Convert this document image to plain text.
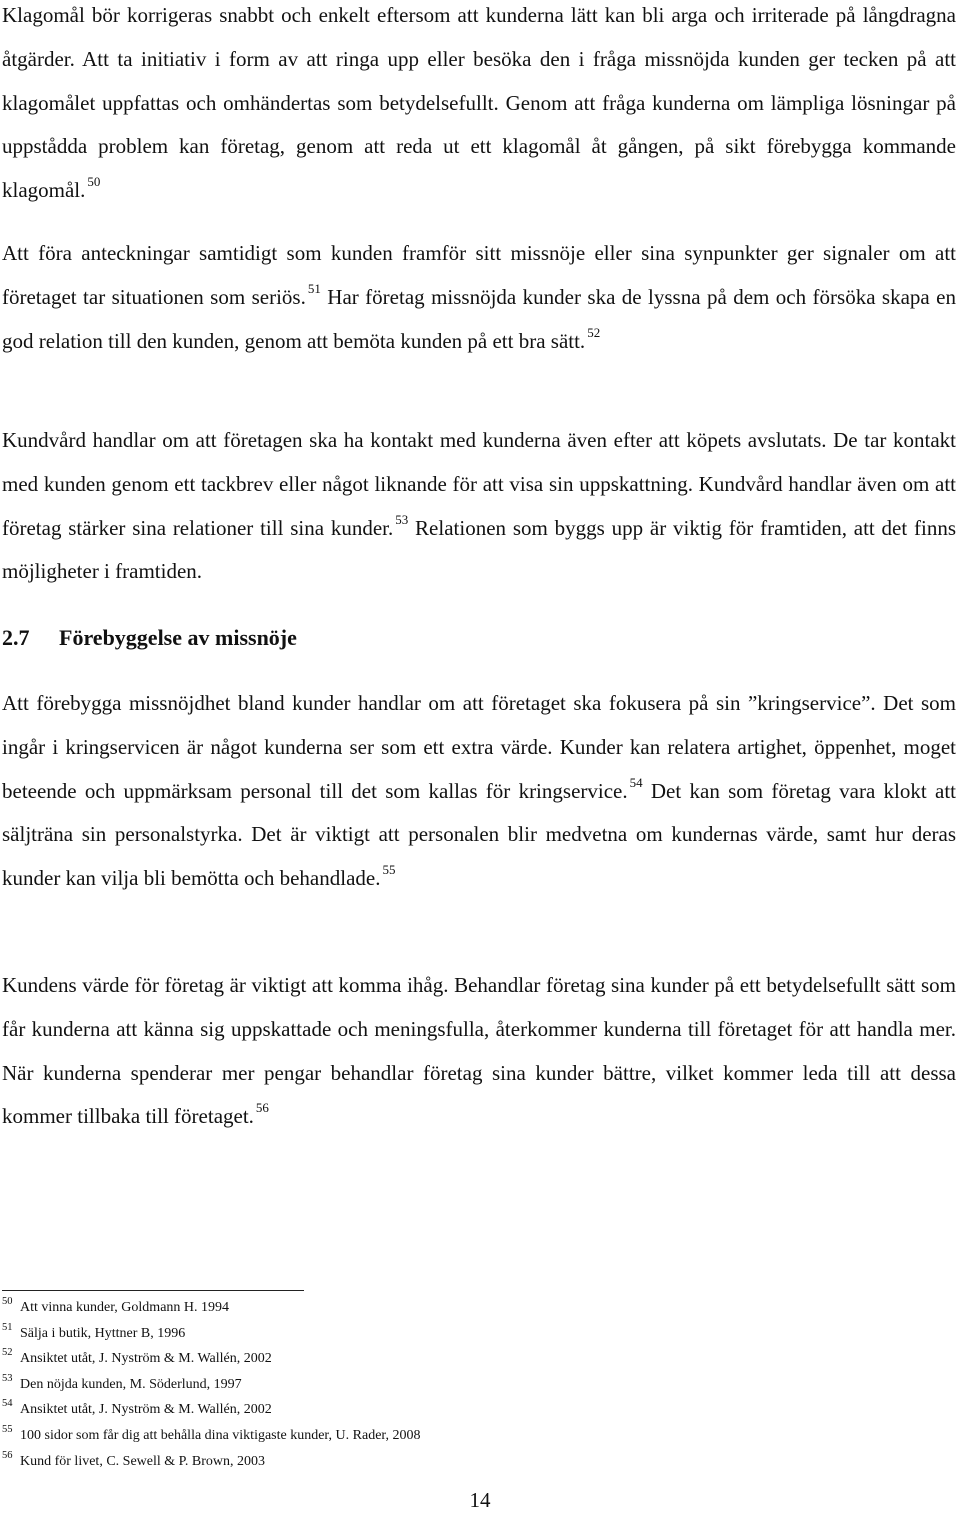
Klagomål bör korrigeras snabbt och enkelt eftersom att kunderna lätt kan bli arga och irriterade på långdragna åtgärder. Att ta initiativ i form av att ringa upp eller besöka den i fråga missnöjda kunden ger tecken på att klagomålet uppfattas och omhändertas som betydelsefullt. Genom att fråga kunderna om lämpliga lösningar på uppstådda problem kan företag, genom att reda ut ett klagomål åt gången, på sikt förebygga kommande klagomål. $^{50}$

Att föra anteckningar samtidigt som kunden framför sitt missnöje eller sina synpunkter ger signaler om att företaget tar situationen som seriös. $^{51}$ Har företag missnöjda kunder ska de lyssna på dem och försöka skapa en god relation till den kunden, genom att bemöta kunden på ett bra sätt. $^{52}$

Kundvård handlar om att företagen ska ha kontakt med kunderna även efter att köpets avslutats. De tar kontakt med kunden genom ett tackbrev eller något liknande för att visa sin uppskattning. Kundvård handlar även om att företag stärker sina relationer till sina kunder. $^{53}$ Relationen som byggs upp är viktig för framtiden, att det finns möjligheter i framtiden.

2.7 Förebyggelse av missnöje

Att förebygga missnöjdhet bland kunder handlar om att företaget ska fokusera på sin ”kringservice”. Det som ingår i kringservicen är något kunderna ser som ett extra värde. Kunder kan relatera artighet, öppenhet, moget beteende och uppmärksam personal till det som kallas för kringservice. $^{54}$ Det kan som företag vara klokt att säljträna sin personalstyrka. Det är viktigt att personalen blir medvetna om kundernas värde, samt hur deras kunder kan vilja bli bemötta och behandlade. $^{55}$

Kundens värde för företag är viktigt att komma ihåg. Behandlar företag sina kunder på ett betydelsefullt sätt som får kunderna att känna sig uppskattade och meningsfulla, återkommer kunderna till företaget för att handla mer. När kunderna spenderar mer pengar behandlar företag sina kunder bättre, vilket kommer leda till att dessa kommer tillbaka till företaget. $^{56}$

50 Att vinna kunder, Goldmann H. 1994
51 Sälja i butik, Hyttner B, 1996
52 Ansiktet utåt, J. Nyström & M. Wallén, 2002
53 Den nöjda kunden, M. Söderlund, 1997
54 Ansiktet utåt, J. Nyström & M. Wallén, 2002
55 100 sidor som får dig att behålla dina viktigaste kunder, U. Rader, 2008
56 Kund för livet, C. Sewell & P. Brown, 2003
14
